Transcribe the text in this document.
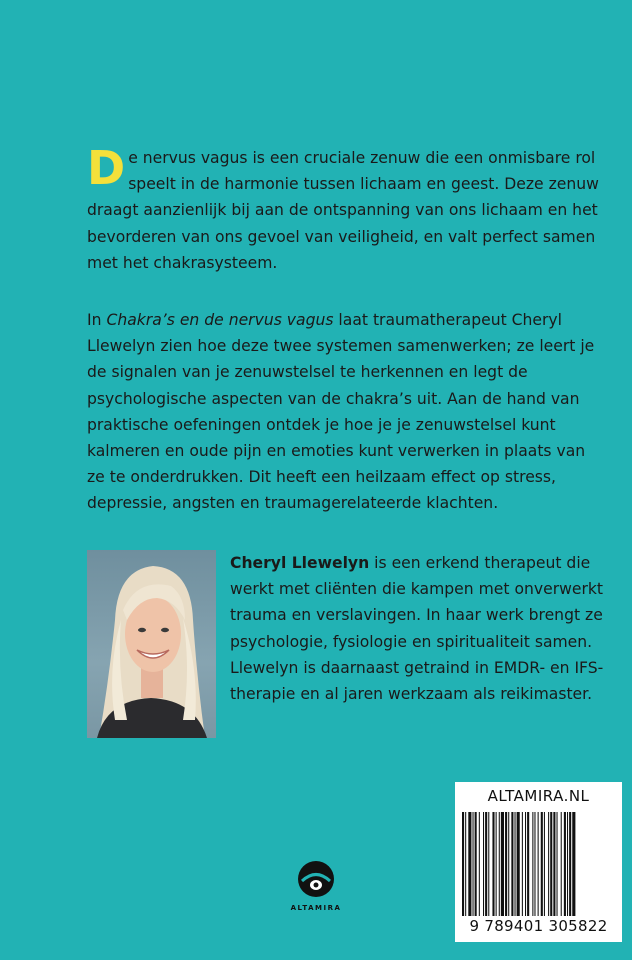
De nervus vagus is een cruciale zenuw die een onmisbare rol speelt in de harmonie tussen lichaam en geest. Deze zenuw draagt aanzienlijk bij aan de ontspanning van ons lichaam en het bevorderen van ons gevoel van veiligheid, en valt perfect samen met het chakrasysteem.

In Chakra’s en de nervus vagus laat traumatherapeut Cheryl Llewelyn zien hoe deze twee systemen samenwerken; ze leert je de signalen van je zenuwstelsel te herkennen en legt de psychologische aspecten van de chakra’s uit. Aan de hand van praktische oefeningen ontdek je hoe je je zenuwstelsel kunt kalmeren en oude pijn en emoties kunt verwerken in plaats van ze te onderdrukken. Dit heeft een heilzaam effect op stress, depressie, angsten en traumagerelateerde klachten.

Cheryl Llewelyn is een erkend therapeut die werkt met cliënten die kampen met onverwerkt trauma en verslavingen. In haar werk brengt ze psychologie, fysiologie en spiritualiteit samen. Llewelyn is daarnaast getraind in EMDR- en IFS-therapie en al jaren werkzaam als reikimaster.

ALTAMIRA
ALTAMIRA.NL
9 789401 305822
